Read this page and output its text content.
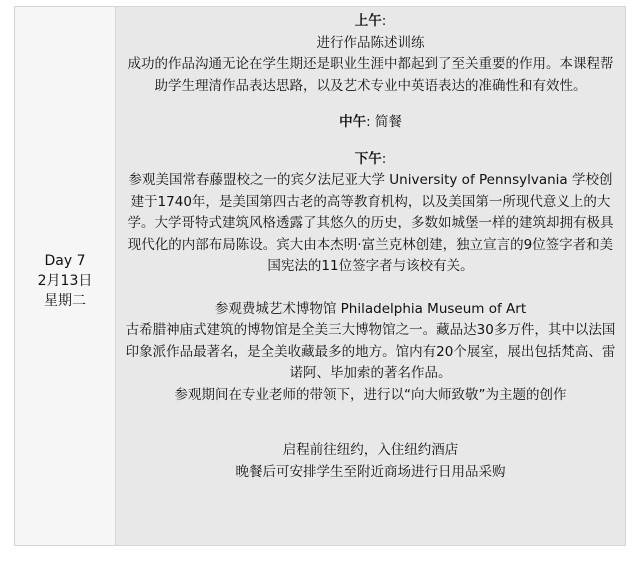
Day 7
2月13日
星期二

上午:

进行作品陈述训练

成功的作品沟通无论在学生期还是职业生涯中都起到了至关重要的作用。本课程帮助学生理清作品表达思路，以及艺术专业中英语表达的准确性和有效性。

中午: 简餐

下午:

参观美国常春藤盟校之一的宾夕法尼亚大学 University of Pennsylvania 学校创建于1740年，是美国第四古老的高等教育机构，以及美国第一所现代意义上的大学。大学哥特式建筑风格透露了其悠久的历史，多数如城堡一样的建筑却拥有极具现代化的内部布局陈设。宾大由本杰明·富兰克林创建，独立宣言的9位签字者和美国宪法的11位签字者与该校有关。

参观费城艺术博物馆 Philadelphia Museum of Art

古希腊神庙式建筑的博物馆是全美三大博物馆之一。藏品达30多万件，其中以法国印象派作品最著名，是全美收藏最多的地方。馆内有20个展室，展出包括梵高、雷诺阿、毕加索的著名作品。

参观期间在专业老师的带领下，进行以“向大师致敬”为主题的创作

启程前往纽约，入住纽约酒店

晚餐后可安排学生至附近商场进行日用品采购
